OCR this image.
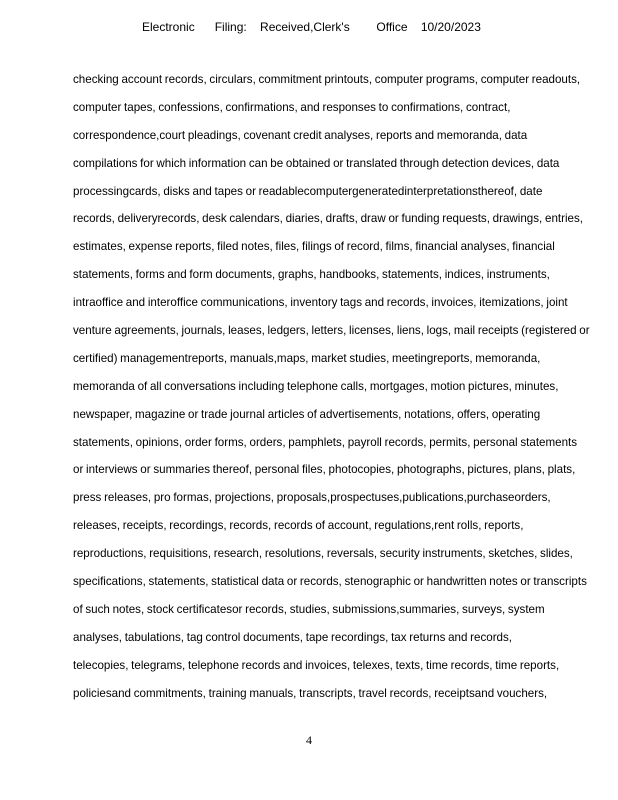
Electronic      Filing:    Received,Clerk's        Office    10/20/2023
checking account records, circulars, commitment printouts, computer programs, computer readouts,
computer tapes, confessions, confirmations, and responses to confirmations, contract,
correspondence,court pleadings, covenant credit analyses, reports and memoranda, data
compilations for which information can be obtained or translated through detection devices, data
processingcards, disks and tapes or readablecomputergeneratedinterpretationsthereof, date
records, deliveryrecords, desk calendars, diaries, drafts, draw or funding requests, drawings, entries,
estimates, expense reports, filed notes, files, filings of record, films, financial analyses, financial
statements, forms and form documents, graphs, handbooks, statements, indices, instruments,
intraoffice and interoffice communications, inventory tags and records, invoices, itemizations, joint
venture agreements, journals, leases, ledgers, letters, licenses, liens, logs, mail receipts (registered or
certified) managementreports, manuals,maps, market studies, meetingreports, memoranda,
memoranda of all conversations including telephone calls, mortgages, motion pictures, minutes,
newspaper, magazine or trade journal articles of advertisements, notations, offers, operating
statements, opinions, order forms, orders, pamphlets, payroll records, permits, personal statements
or interviews or summaries thereof, personal files, photocopies, photographs, pictures, plans, plats,
press releases, pro formas, projections, proposals,prospectuses,publications,purchaseorders,
releases, receipts, recordings, records, records of account, regulations,rent rolls, reports,
reproductions, requisitions, research, resolutions, reversals, security instruments, sketches, slides,
specifications, statements, statistical data or records, stenographic or handwritten notes or transcripts
of such notes, stock certificatesor records, studies, submissions,summaries, surveys, system
analyses, tabulations, tag control documents, tape recordings, tax returns and records,
telecopies, telegrams, telephone records and invoices, telexes, texts, time records, time reports,
policiesand commitments, training manuals, transcripts, travel records, receiptsand vouchers,
4
